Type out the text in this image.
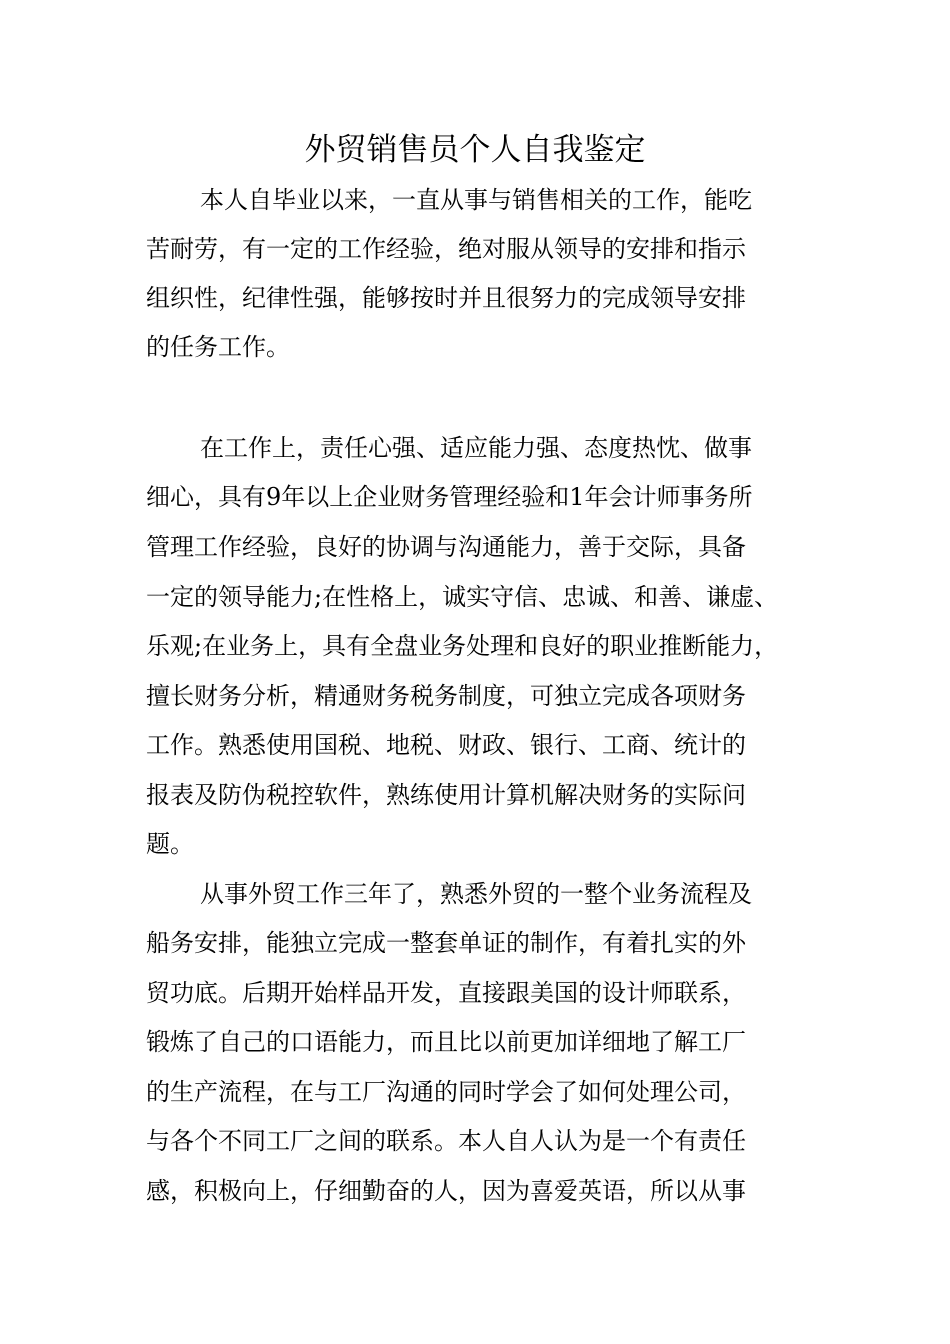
外贸销售员个人自我鉴定

本人自毕业以来，一直从事与销售相关的工作，能吃

苦耐劳，有一定的工作经验，绝对服从领导的安排和指示

组织性，纪律性强，能够按时并且很努力的完成领导安排

的任务工作。

在工作上，责任心强、适应能力强、态度热忱、做事

细心，具有9年以上企业财务管理经验和1年会计师事务所

管理工作经验，良好的协调与沟通能力，善于交际，具备

一定的领导能力;在性格上，诚实守信、忠诚、和善、谦虚、

乐观;在业务上，具有全盘业务处理和良好的职业推断能力，

擅长财务分析，精通财务税务制度，可独立完成各项财务

工作。熟悉使用国税、地税、财政、银行、工商、统计的

报表及防伪税控软件，熟练使用计算机解决财务的实际问

题。

从事外贸工作三年了，熟悉外贸的一整个业务流程及

船务安排，能独立完成一整套单证的制作，有着扎实的外

贸功底。后期开始样品开发，直接跟美国的设计师联系，

锻炼了自己的口语能力，而且比以前更加详细地了解工厂

的生产流程，在与工厂沟通的同时学会了如何处理公司，

与各个不同工厂之间的联系。本人自人认为是一个有责任

感，积极向上，仔细勤奋的人，因为喜爱英语，所以从事
